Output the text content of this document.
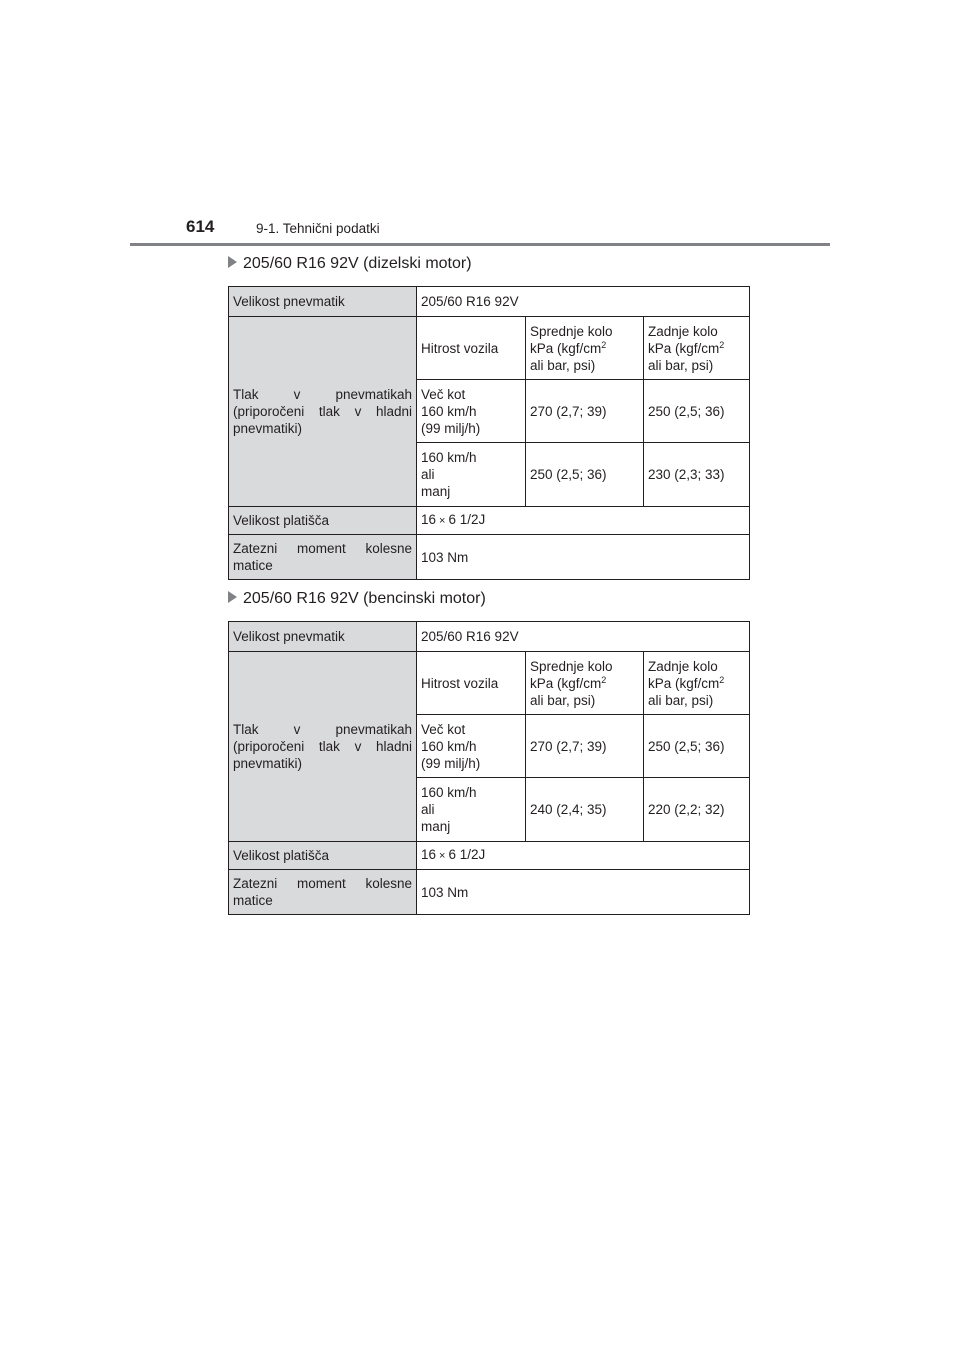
614	9-1. Tehnični podatki
205/60 R16 92V (dizelski motor)
Velikost pnevmatik	205/60 R16 92V		
Tlak v pnevmatikah (priporočeni tlak v hladni pnevmatiki)	Hitrost vozila	Sprednje kolo
kPa ($kgf/cm^2$
ali bar, psi)	Zadnje kolo
kPa ($kgf/cm^2$
ali bar, psi)
	Več kot
160 km/h
(99 milj/h)	270 (2,7; 39)	250 (2,5; 36)
	160 km/h
ali
manj	250 (2,5; 36)	230 (2,3; 33)
Velikost platišča	16 × 6 1/2J		
Zatezni moment kolesne matice	103 Nm		
205/60 R16 92V (bencinski motor)
Velikost pnevmatik	205/60 R16 92V		
Tlak v pnevmatikah (priporočeni tlak v hladni pnevmatiki)	Hitrost vozila	Sprednje kolo
kPa ($kgf/cm^2$
ali bar, psi)	Zadnje kolo
kPa ($kgf/cm^2$
ali bar, psi)
	Več kot
160 km/h
(99 milj/h)	270 (2,7; 39)	250 (2,5; 36)
	160 km/h
ali
manj	240 (2,4; 35)	220 (2,2; 32)
Velikost platišča	16 × 6 1/2J		
Zatezni moment kolesne matice	103 Nm		
